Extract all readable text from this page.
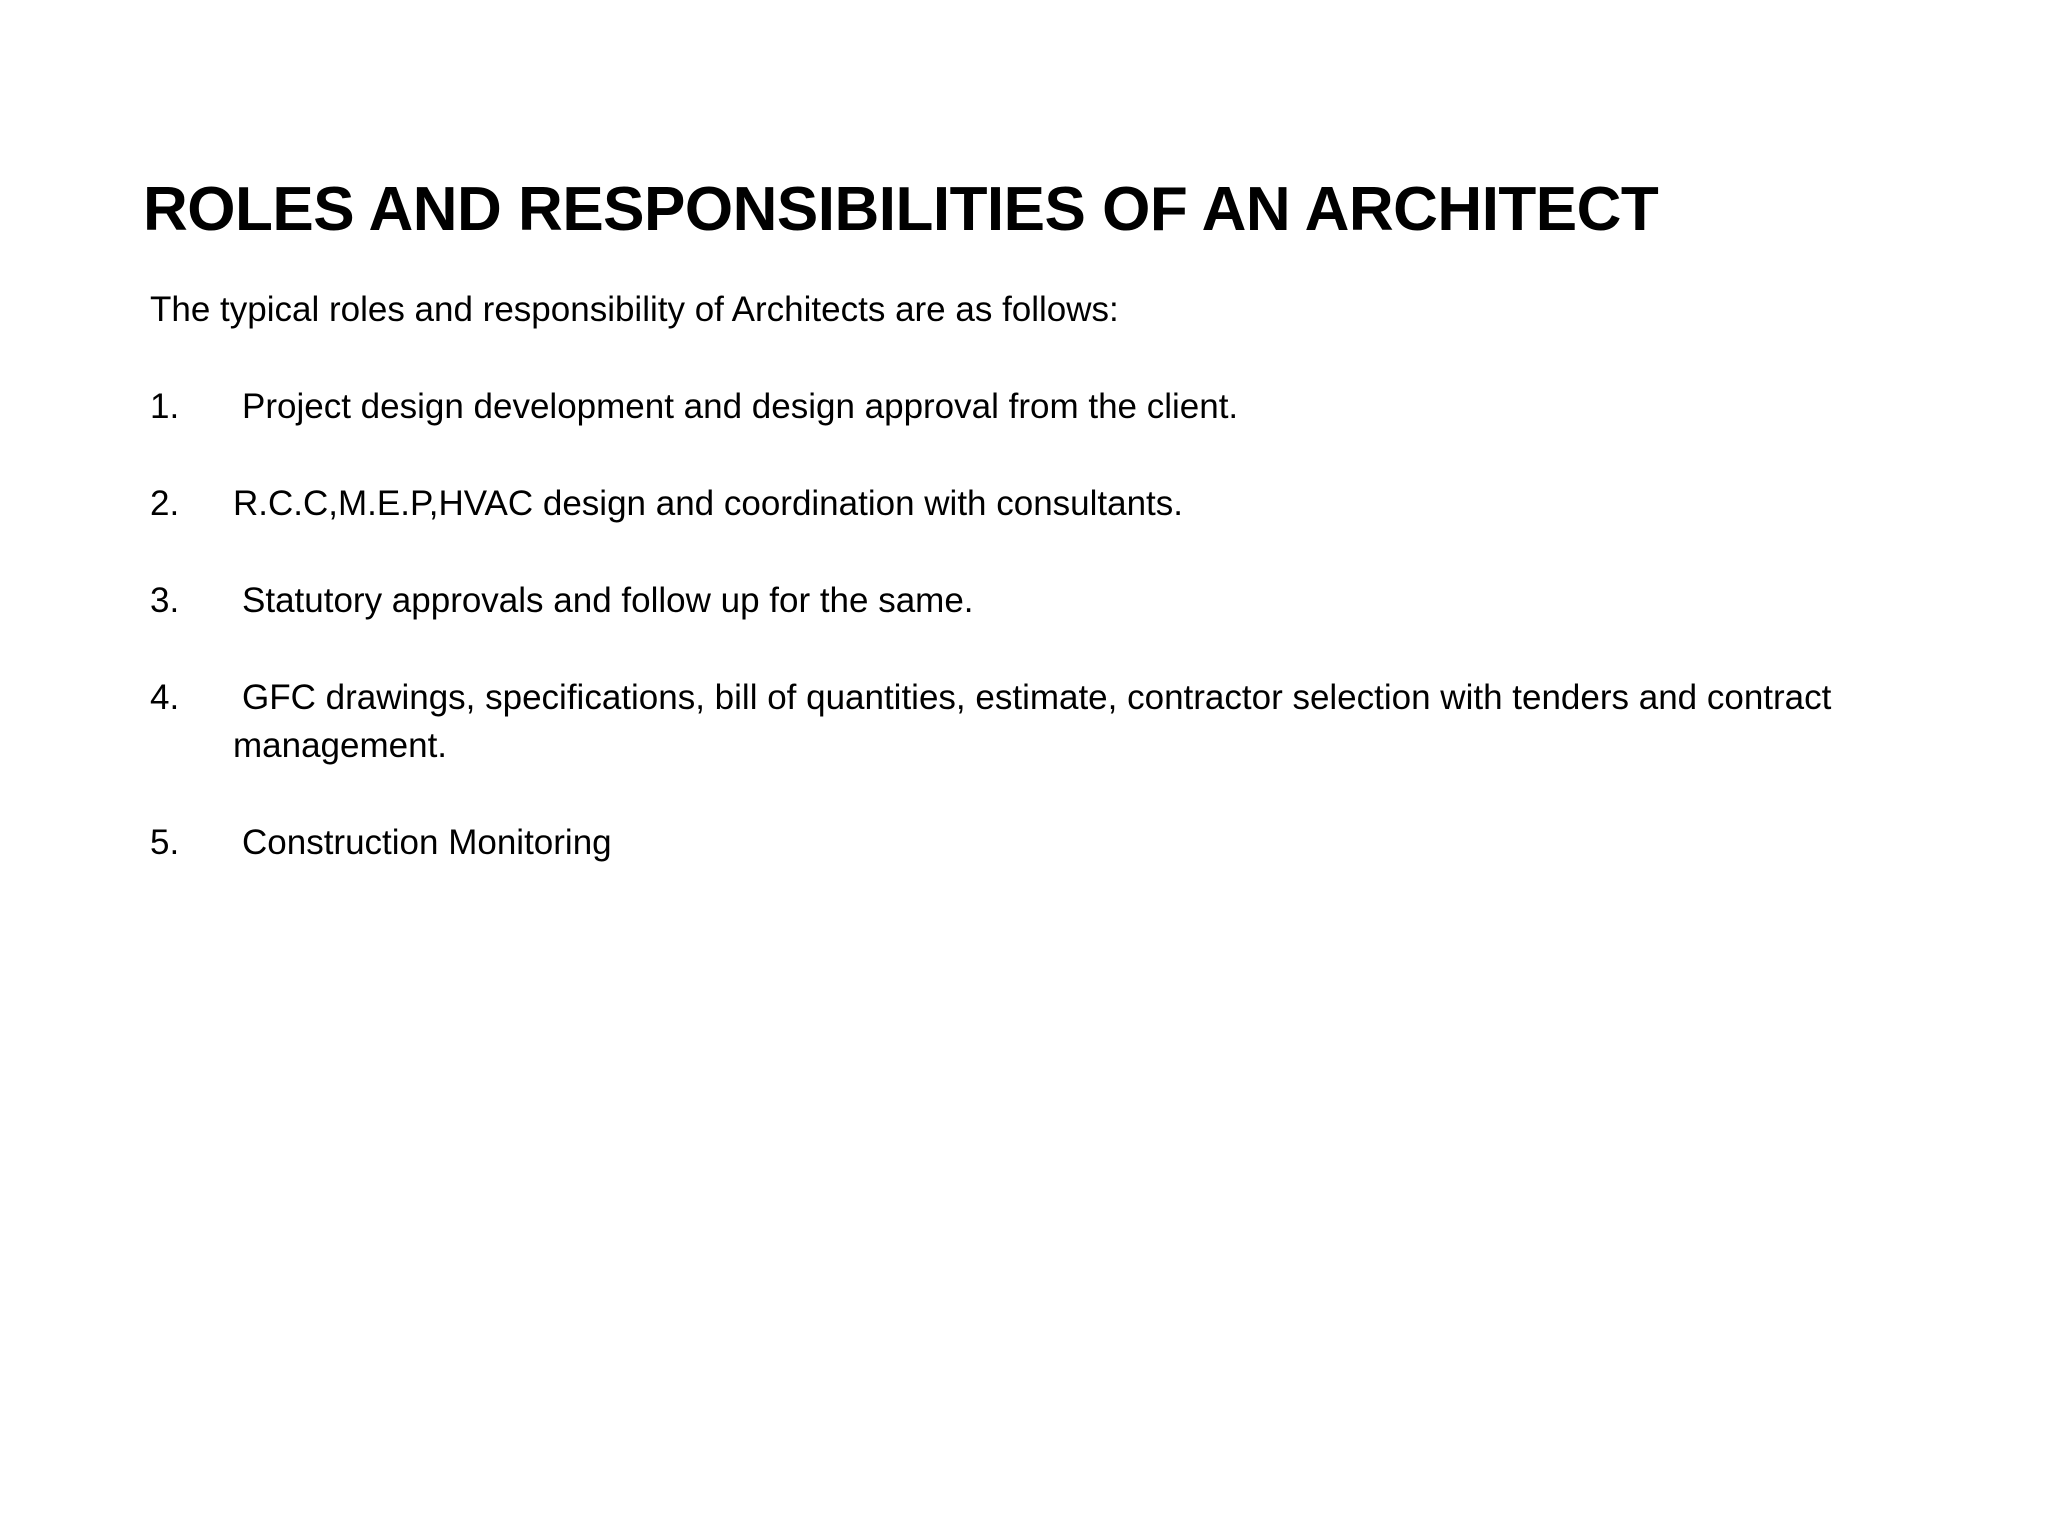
ROLES AND RESPONSIBILITIES OF AN ARCHITECT
The typical roles and responsibility of Architects are as follows:
1.	Project design development and design approval from the client.
2.	R.C.C,M.E.P,HVAC design and coordination with consultants.
3.	Statutory approvals and follow up for the same.
4.	GFC drawings, specifications, bill of quantities, estimate, contractor selection with tenders and contract management.
5.	Construction Monitoring
